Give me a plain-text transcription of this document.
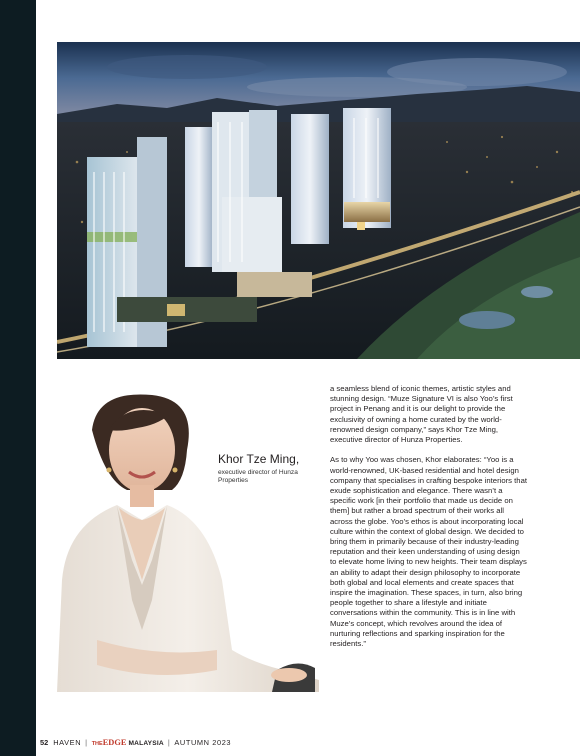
Khor Tze Ming,
executive director of Hunza Properties

a seamless blend of iconic themes, artistic styles and stunning design. “Muze Signature VI is also Yoo’s first project in Penang and it is our delight to provide the exclusivity of owning a home curated by the world-renowned design company,” says Khor Tze Ming, executive director of Hunza Properties.

As to why Yoo was chosen, Khor elaborates: “Yoo is a world-renowned, UK-based residential and hotel design company that specialises in crafting bespoke interiors that exude sophistication and elegance. There wasn’t a specific work [in their portfolio that made us decide on them] but rather a broad spectrum of their works all across the globe. Yoo’s ethos is about incorporating local culture within the context of global design. We decided to bring them in primarily because of their industry-leading reputation and their keen understanding of using design to elevate home living to new heights. Their team displays an ability to adapt their design philosophy to incorporate both global and local elements and create spaces that inspire the imagination. These spaces, in turn, also bring people together to share a lifestyle and initiate conversations within the community. This is in line with Muze’s concept, which revolves around the idea of nurturing reflections and sparking inspiration for the residents.”

52 HAVEN | THEEDGE MALAYSIA | AUTUMN 2023
